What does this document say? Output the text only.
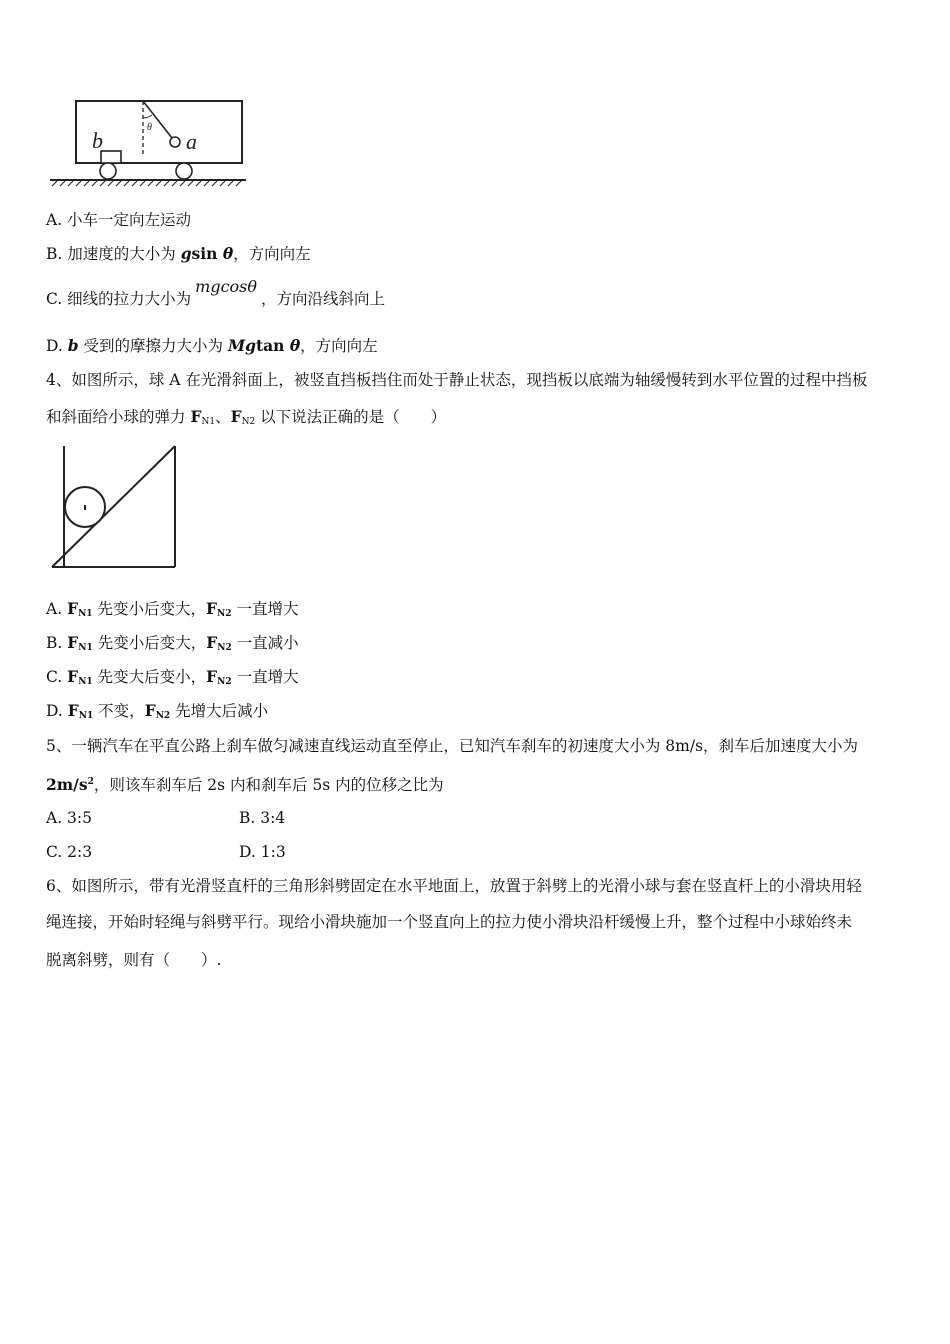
b	a
θ
A. 小车一定向左运动
B. 加速度的大小为 gsin θ，方向向左
C. 细线的拉力大小为mgcosθ，方向沿线斜向上
D. b 受到的摩擦力大小为 Mgtan θ，方向向左
4、如图所示，球 A 在光滑斜面上，被竖直挡板挡住而处于静止状态，现挡板以底端为轴缓慢转到水平位置的过程中挡板
和斜面给小球的弹力 $F_{N1}$、$F_{N2}$ 以下说法正确的是（　　）
A. $F_{N1}$ 先变小后变大，$F_{N2}$ 一直增大
B. $F_{N1}$ 先变小后变大，$F_{N2}$ 一直减小
C. $F_{N1}$ 先变大后变小，$F_{N2}$ 一直增大
D. $F_{N1}$ 不变，$F_{N2}$ 先增大后减小
5、一辆汽车在平直公路上刹车做匀减速直线运动直至停止，已知汽车刹车的初速度大小为 8m/s，刹车后加速度大小为
$2m/s^2$，则该车刹车后 2s 内和刹车后 5s 内的位移之比为
A. 3:5	B. 3:4
C. 2:3	D. 1:3
6、如图所示，带有光滑竖直杆的三角形斜劈固定在水平地面上，放置于斜劈上的光滑小球与套在竖直杆上的小滑块用轻
绳连接，开始时轻绳与斜劈平行。现给小滑块施加一个竖直向上的拉力使小滑块沿杆缓慢上升，整个过程中小球始终未
脱离斜劈，则有（　　）.
